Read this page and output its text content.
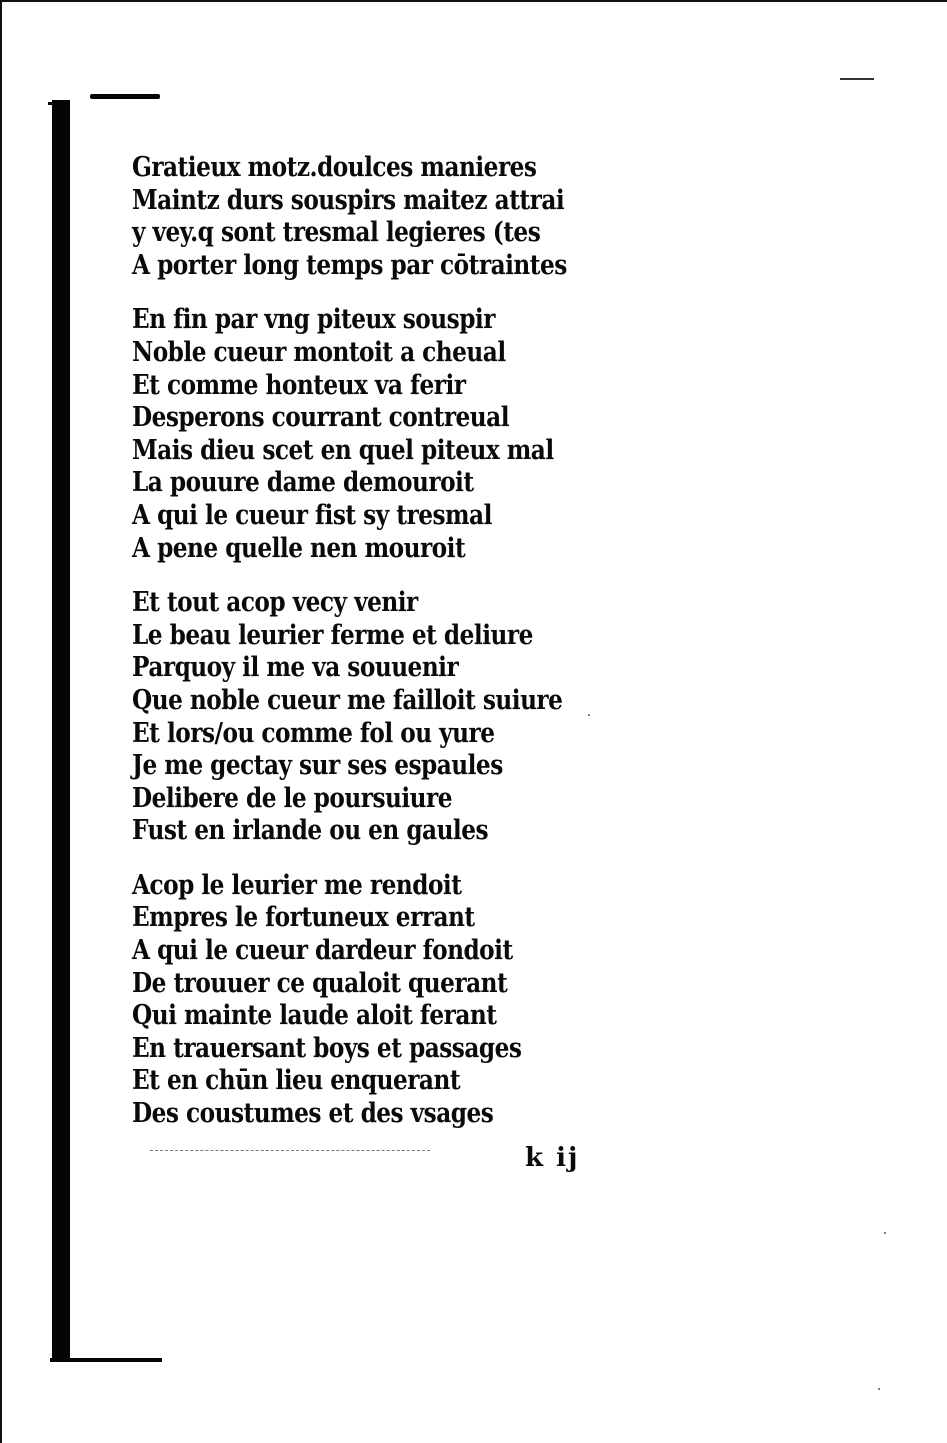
Gratieux motz.doulces manieres
Maintz durs souspirs maitez attrai
y vey.q sont tresmal legieres (tes
A porter long temps par cōtraintes
En fin par vng piteux souspir
Noble cueur montoit a cheual
Et comme honteux va ferir
Desperons courrant contreual
Mais dieu scet en quel piteux mal
La pouure dame demouroit
A qui le cueur fist sy tresmal
A pene quelle nen mouroit
Et tout acop vecy venir
Le beau leurier ferme et deliure
Parquoy il me va souuenir
Que noble cueur me failloit suiure
Et lors/ou comme fol ou yure
Je me gectay sur ses espaules
Delibere de le poursuiure
Fust en irlande ou en gaules
Acop le leurier me rendoit
Empres le fortuneux errant
A qui le cueur dardeur fondoit
De trouuer ce qualoit querant
Qui mainte laude aloit ferant
En trauersant boys et passages
Et en chūn lieu enquerant
Des coustumes et des vsages
k ij
